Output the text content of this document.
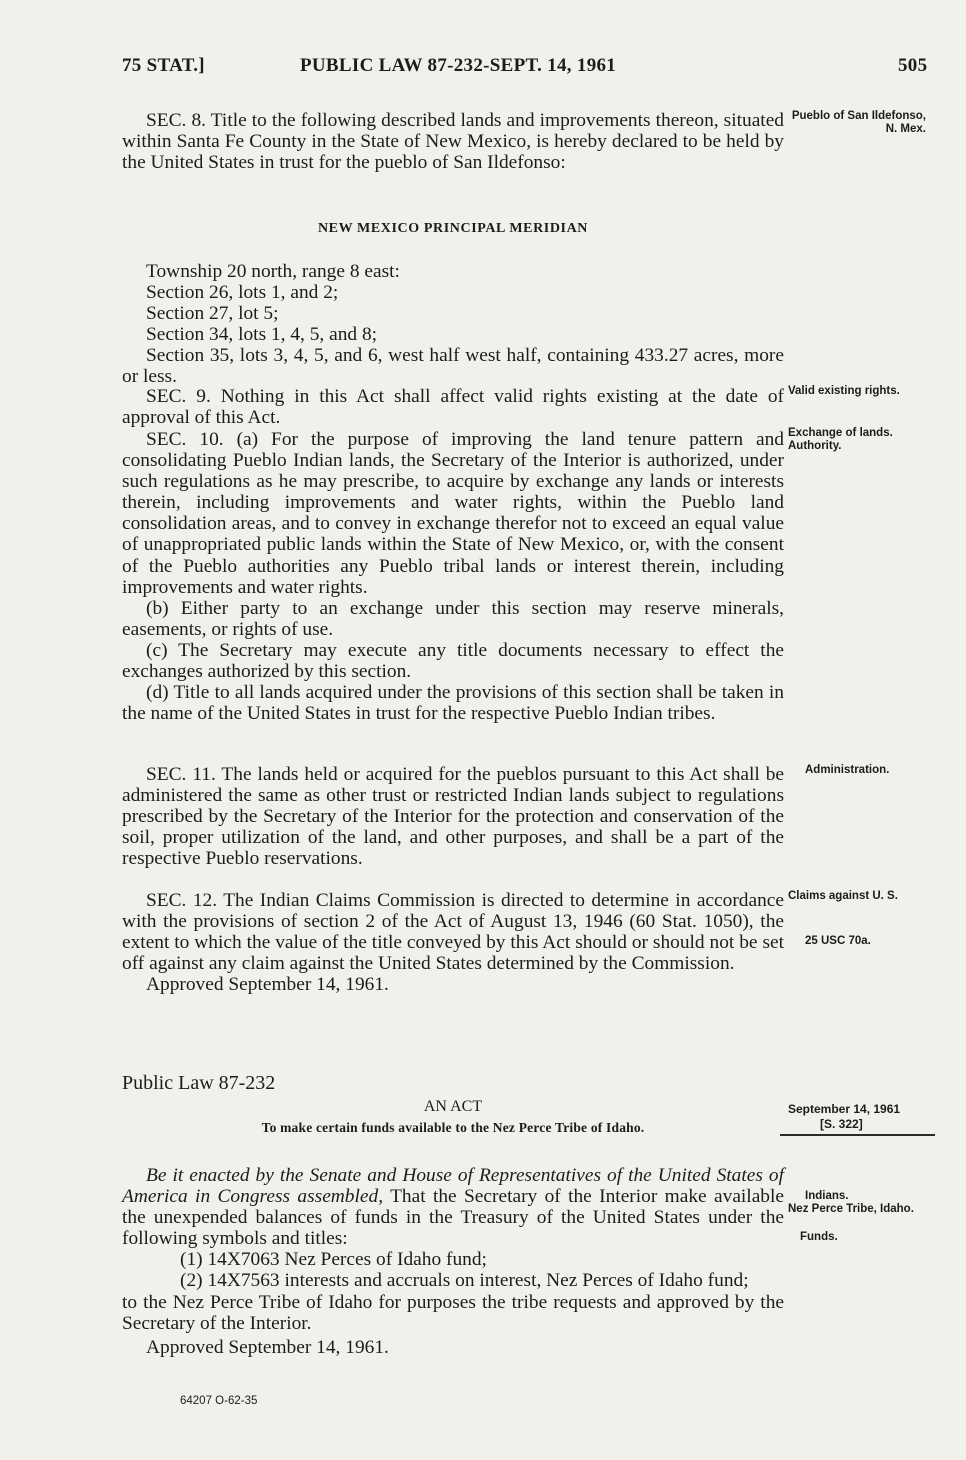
75 STAT.]	PUBLIC LAW 87-232-SEPT. 14, 1961	505

SEC. 8. Title to the following described lands and improvements thereon, situated within Santa Fe County in the State of New Mexico, is hereby declared to be held by the United States in trust for the pueblo of San Ildefonso:

NEW MEXICO PRINCIPAL MERIDIAN

Township 20 north, range 8 east:

Section 26, lots 1, and 2;

Section 27, lot 5;

Section 34, lots 1, 4, 5, and 8;

Section 35, lots 3, 4, 5, and 6, west half west half, containing 433.27 acres, more or less.

SEC. 9. Nothing in this Act shall affect valid rights existing at the date of approval of this Act.

SEC. 10. (a) For the purpose of improving the land tenure pattern and consolidating Pueblo Indian lands, the Secretary of the Interior is authorized, under such regulations as he may prescribe, to acquire by exchange any lands or interests therein, including improvements and water rights, within the Pueblo land consolidation areas, and to convey in exchange therefor not to exceed an equal value of unappropriated public lands within the State of New Mexico, or, with the consent of the Pueblo authorities any Pueblo tribal lands or interest therein, including improvements and water rights.

(b) Either party to an exchange under this section may reserve minerals, easements, or rights of use.

(c) The Secretary may execute any title documents necessary to effect the exchanges authorized by this section.

(d) Title to all lands acquired under the provisions of this section shall be taken in the name of the United States in trust for the respective Pueblo Indian tribes.

SEC. 11. The lands held or acquired for the pueblos pursuant to this Act shall be administered the same as other trust or restricted Indian lands subject to regulations prescribed by the Secretary of the Interior for the protection and conservation of the soil, proper utilization of the land, and other purposes, and shall be a part of the respective Pueblo reservations.

SEC. 12. The Indian Claims Commission is directed to determine in accordance with the provisions of section 2 of the Act of August 13, 1946 (60 Stat. 1050), the extent to which the value of the title conveyed by this Act should or should not be set off against any claim against the United States determined by the Commission.

Approved September 14, 1961.

Public Law 87-232
AN ACT
To make certain funds available to the Nez Perce Tribe of Idaho.

Be it enacted by the Senate and House of Representatives of the United States of America in Congress assembled, That the Secretary of the Interior make available the unexpended balances of funds in the Treasury of the United States under the following symbols and titles:

(1) 14X7063 Nez Perces of Idaho fund;

(2) 14X7563 interests and accruals on interest, Nez Perces of Idaho fund;

to the Nez Perce Tribe of Idaho for purposes the tribe requests and approved by the Secretary of the Interior.

Approved September 14, 1961.

64207 O-62-35
Pueblo of San Ildefonso, N. Mex.
Valid existing rights.
Exchange of lands. Authority.
Administration.
Claims against U. S.
25 USC 70a.
September 14, 1961
[S. 322]
Indians.
Nez Perce Tribe, Idaho.
Funds.
